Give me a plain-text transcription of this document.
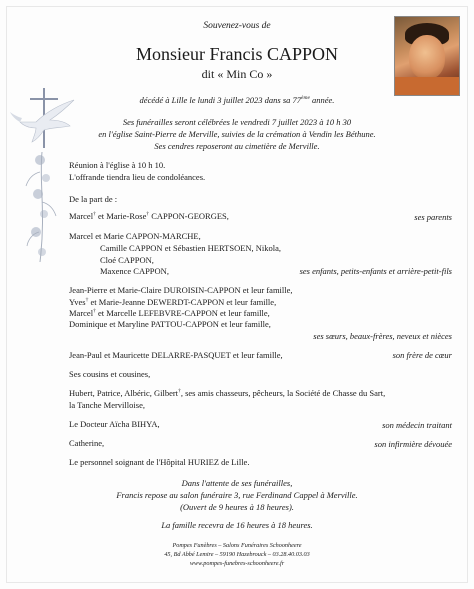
Souvenez-vous de
Monsieur Francis CAPPON
dit « Min Co »
décédé à Lille le lundi 3 juillet 2023 dans sa 77ème année.
Ses funérailles seront célébrées le vendredi 7 juillet 2023 à 10 h 30
en l'église Saint-Pierre de Merville, suivies de la crémation à Vendin les Béthune.
Ses cendres reposeront au cimetière de Merville.
Réunion à l'église à 10 h 10.
L'offrande tiendra lieu de condoléances.
De la part de :
Marcel† et Marie-Rose† CAPPON-GEORGES,	ses parents
Marcel et Marie CAPPON-MARCHE,
Camille CAPPON et Sébastien HERTSOEN, Nikola,
Cloé CAPPON,
Maxence CAPPON,	ses enfants, petits-enfants et arrière-petit-fils
Jean-Pierre et Marie-Claire DUROISIN-CAPPON et leur famille,
Yves† et Marie-Jeanne DEWERDT-CAPPON et leur famille,
Marcel† et Marcelle LEFEBVRE-CAPPON et leur famille,
Dominique et Maryline PATTOU-CAPPON et leur famille,
ses sœurs, beaux-frères, neveux et nièces
Jean-Paul et Mauricette DELARRE-PASQUET et leur famille,	son frère de cœur
Ses cousins et cousines,
Hubert, Patrice, Albéric, Gilbert†, ses amis chasseurs, pêcheurs, la Société de Chasse du Sart,
la Tanche Mervilloise,
Le Docteur Aïcha BIHYA,	son médecin traitant
Catherine,	son infirmière dévouée
Le personnel soignant de l'Hôpital HURIEZ de Lille.
Dans l'attente de ses funérailles,
Francis repose au salon funéraire 3, rue Ferdinand Cappel à Merville.
(Ouvert de 9 heures à 18 heures).
La famille recevra de 16 heures à 18 heures.
Pompes Funèbres – Salons Funéraires Schoonheere
45, Bd Abbé Lemire – 59190 Hazebrouck – 03.28.40.03.03
www.pompes-funebres-schoonheere.fr
